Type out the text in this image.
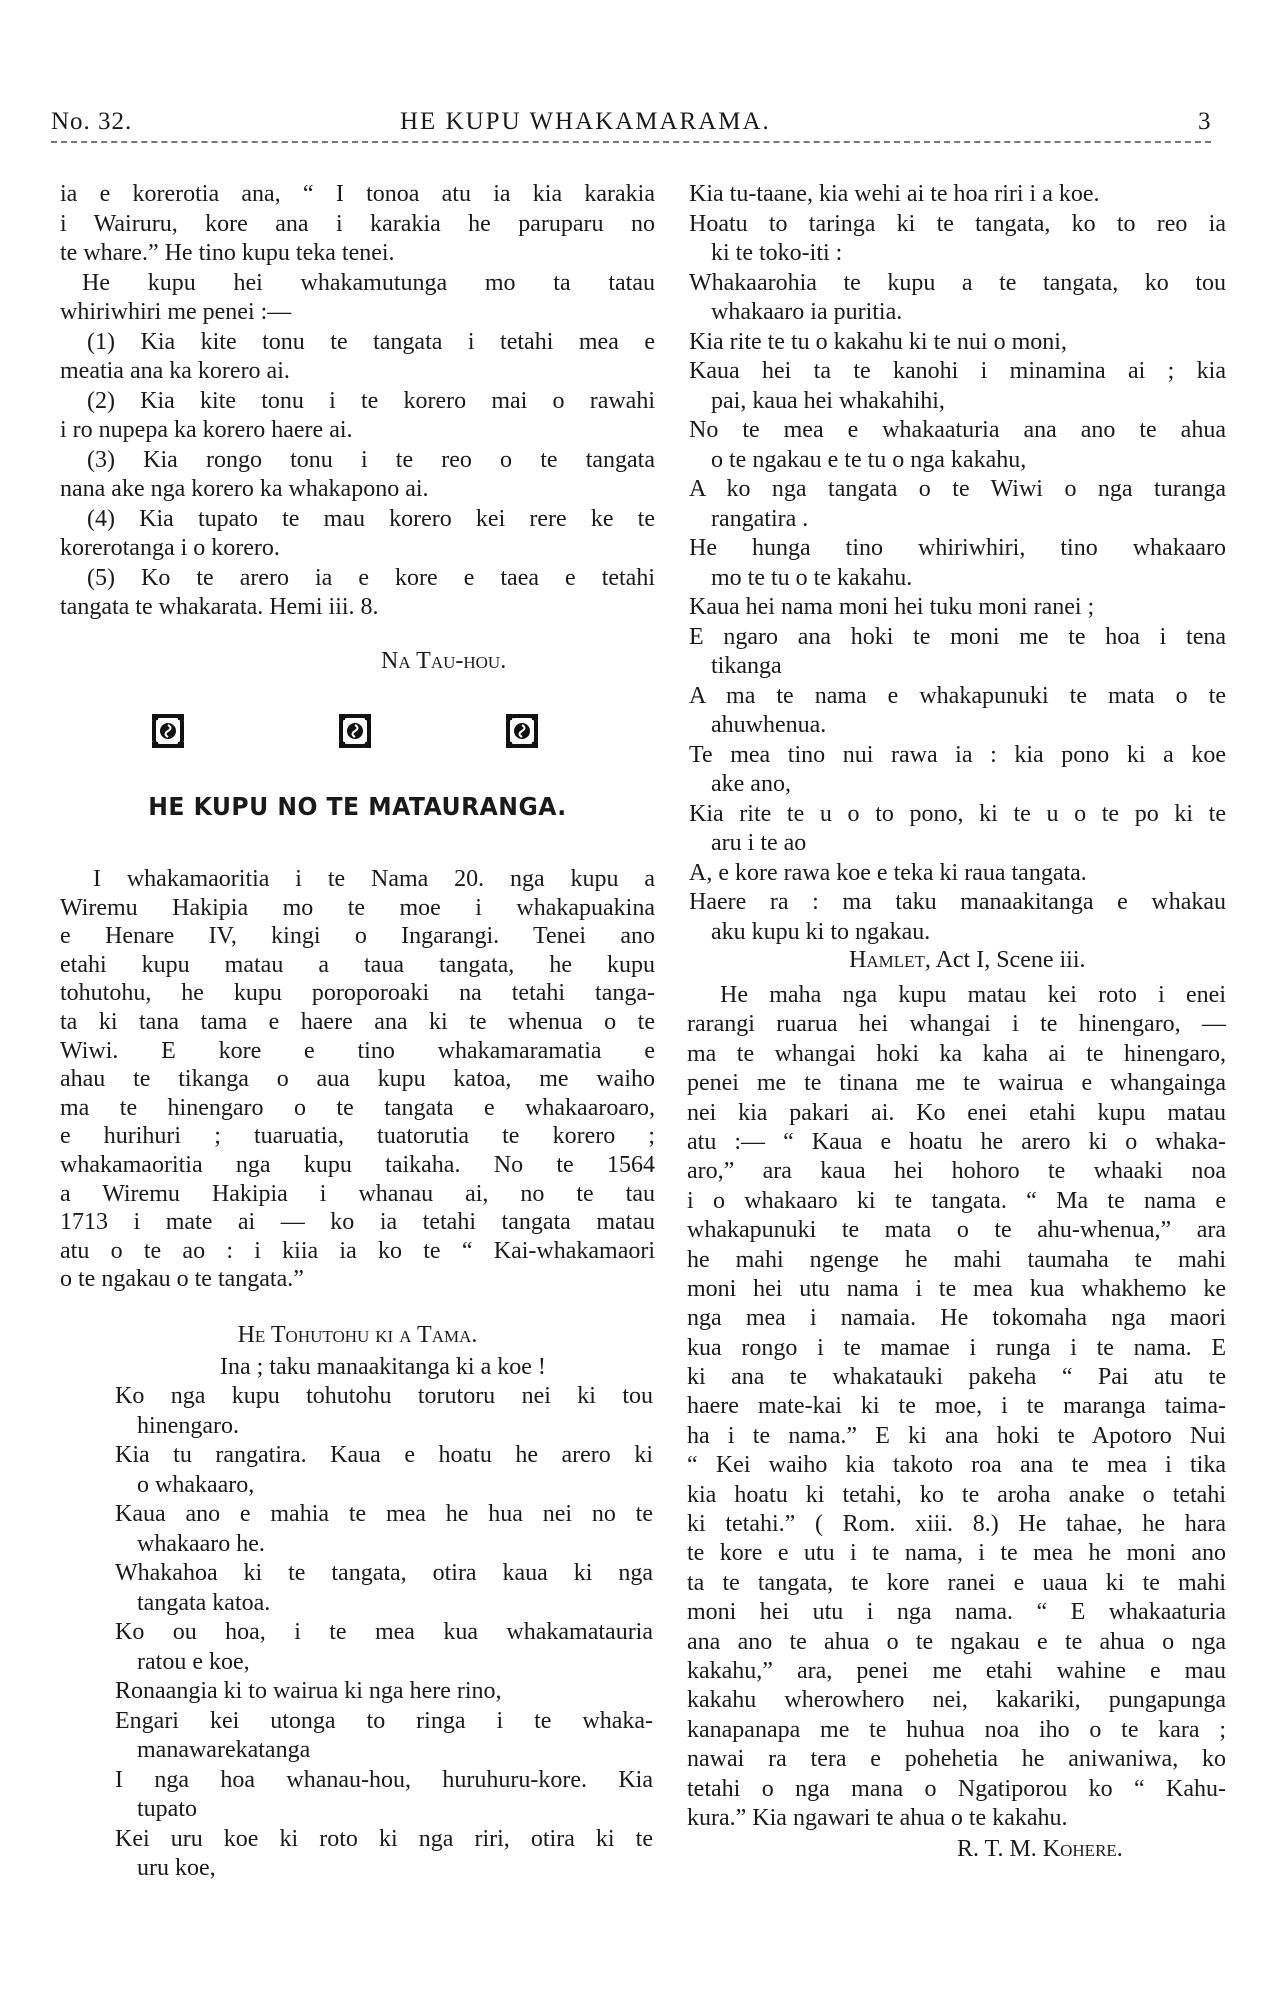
No. 32.	HE KUPU WHAKAMARAMA.	3
ia e korerotia ana, “ I tonoa atu ia kia karakia
i Wairuru, kore ana i karakia he paruparu no
te whare.” He tino kupu teka tenei.
He kupu hei whakamutunga mo ta tatau
whiriwhiri me penei :—
(1) Kia kite tonu te tangata i tetahi mea e
meatia ana ka korero ai.
(2) Kia kite tonu i te korero mai o rawahi
i ro nupepa ka korero haere ai.
(3) Kia rongo tonu i te reo o te tangata
nana ake nga korero ka whakapono ai.
(4) Kia tupato te mau korero kei rere ke te
korerotanga i o korero.
(5) Ko te arero ia e kore e taea e tetahi
tangata te whakarata. Hemi iii. 8.
Na Tau-hou.
HE KUPU NO TE MATAURANGA.
I whakamaoritia i te Nama 20. nga kupu a
Wiremu Hakipia mo te moe i whakapuakina
e Henare IV, kingi o Ingarangi. Tenei ano
etahi kupu matau a taua tangata, he kupu
tohutohu, he kupu poroporoaki na tetahi tanga-
ta ki tana tama e haere ana ki te whenua o te
Wiwi. E kore e tino whakamaramatia e
ahau te tikanga o aua kupu katoa, me waiho
ma te hinengaro o te tangata e whakaaroaro,
e hurihuri ; tuaruatia, tuatorutia te korero ;
whakamaoritia nga kupu taikaha. No te 1564
a Wiremu Hakipia i whanau ai, no te tau
1713 i mate ai — ko ia tetahi tangata matau
atu o te ao : i kiia ia ko te “ Kai-whakamaori
o te ngakau o te tangata.”
He Tohutohu ki a Tama.
Ina ; taku manaakitanga ki a koe !
Ko nga kupu tohutohu torutoru nei ki tou
hinengaro.
Kia tu rangatira. Kaua e hoatu he arero ki
o whakaaro,
Kaua ano e mahia te mea he hua nei no te
whakaaro he.
Whakahoa ki te tangata, otira kaua ki nga
tangata katoa.
Ko ou hoa, i te mea kua whakamatauria
ratou e koe,
Ronaangia ki to wairua ki nga here rino,
Engari kei utonga to ringa i te whaka-
manawarekatanga
I nga hoa whanau-hou, huruhuru-kore. Kia
tupato
Kei uru koe ki roto ki nga riri, otira ki te
uru koe,
Kia tu-taane, kia wehi ai te hoa riri i a koe.
Hoatu to taringa ki te tangata, ko to reo ia
ki te toko-iti :
Whakaarohia te kupu a te tangata, ko tou
whakaaro ia puritia.
Kia rite te tu o kakahu ki te nui o moni,
Kaua hei ta te kanohi i minamina ai ; kia
pai, kaua hei whakahihi,
No te mea e whakaaturia ana ano te ahua
o te ngakau e te tu o nga kakahu,
A ko nga tangata o te Wiwi o nga turanga
rangatira .
He hunga tino whiriwhiri, tino whakaaro
mo te tu o te kakahu.
Kaua hei nama moni hei tuku moni ranei ;
E ngaro ana hoki te moni me te hoa i tena
tikanga
A ma te nama e whakapunuki te mata o te
ahuwhenua.
Te mea tino nui rawa ia : kia pono ki a koe
ake ano,
Kia rite te u o to pono, ki te u o te po ki te
aru i te ao
A, e kore rawa koe e teka ki raua tangata.
Haere ra : ma taku manaakitanga e whakau
aku kupu ki to ngakau.
Hamlet, Act I, Scene iii.
He maha nga kupu matau kei roto i enei
rarangi ruarua hei whangai i te hinengaro, —
ma te whangai hoki ka kaha ai te hinengaro,
penei me te tinana me te wairua e whangainga
nei kia pakari ai. Ko enei etahi kupu matau
atu :— “ Kaua e hoatu he arero ki o whaka-
aro,” ara kaua hei hohoro te whaaki noa
i o whakaaro ki te tangata. “ Ma te nama e
whakapunuki te mata o te ahu-whenua,” ara
he mahi ngenge he mahi taumaha te mahi
moni hei utu nama i te mea kua whakhemo ke
nga mea i namaia. He tokomaha nga maori
kua rongo i te mamae i runga i te nama. E
ki ana te whakatauki pakeha “ Pai atu te
haere mate-kai ki te moe, i te maranga taima-
ha i te nama.” E ki ana hoki te Apotoro Nui
“ Kei waiho kia takoto roa ana te mea i tika
kia hoatu ki tetahi, ko te aroha anake o tetahi
ki tetahi.” ( Rom. xiii. 8.) He tahae, he hara
te kore e utu i te nama, i te mea he moni ano
ta te tangata, te kore ranei e uaua ki te mahi
moni hei utu i nga nama. “ E whakaaturia
ana ano te ahua o te ngakau e te ahua o nga
kakahu,” ara, penei me etahi wahine e mau
kakahu wherowhero nei, kakariki, pungapunga
kanapanapa me te huhua noa iho o te kara ;
nawai ra tera e pohehetia he aniwaniwa, ko
tetahi o nga mana o Ngatiporou ko “ Kahu-
kura.” Kia ngawari te ahua o te kakahu.
R. T. M. Kohere.
